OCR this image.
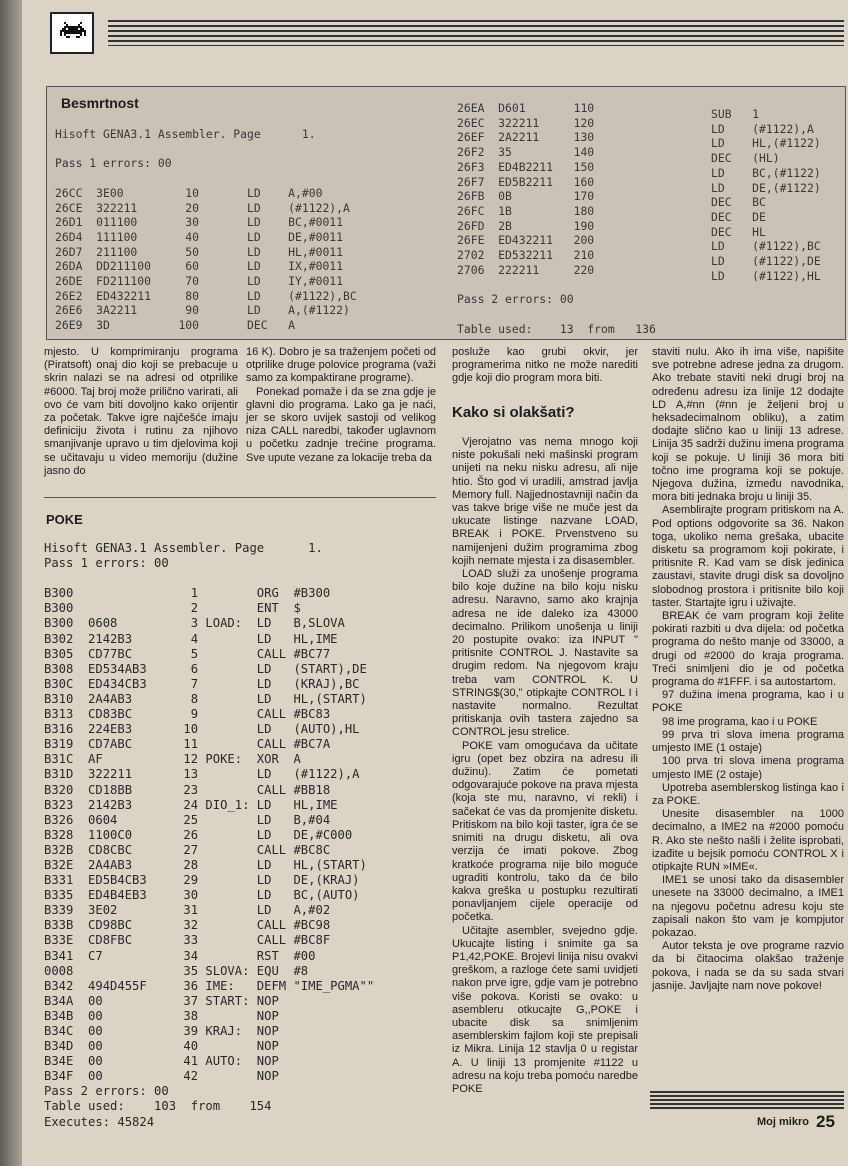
Besmrtnost
Hisoft GENA3.1 Assembler. Page      1.

Pass 1 errors: 00

26CC  3E00         10       LD    A,#00
26CE  322211       20       LD    (#1122),A
26D1  011100       30       LD    BC,#0011
26D4  111100       40       LD    DE,#0011
26D7  211100       50       LD    HL,#0011
26DA  DD211100     60       LD    IX,#0011
26DE  FD211100     70       LD    IY,#0011
26E2  ED432211     80       LD    (#1122),BC
26E6  3A2211       90       LD    A,(#1122)
26E9  3D          100       DEC   A
26EA  D601       110
26EC  322211     120
26EF  2A2211     130
26F2  35         140
26F3  ED4B2211   150
26F7  ED5B2211   160
26FB  0B         170
26FC  1B         180
26FD  2B         190
26FE  ED432211   200
2702  ED532211   210
2706  222211     220

Pass 2 errors: 00

Table used:    13  from   136
SUB   1
LD    (#1122),A
LD    HL,(#1122)
DEC   (HL)
LD    BC,(#1122)
LD    DE,(#1122)
DEC   BC
DEC   DE
DEC   HL
LD    (#1122),BC
LD    (#1122),DE
LD    (#1122),HL

mjesto. U komprimiranju programa (Piratsoft) onaj dio koji se prebacuje u skrin nalazi se na adresi od otprilike #6000. Taj broj može prilično varirati, ali ovo će vam biti dovoljno kako orijentir za početak. Takve igre najčešće imaju definiciju života i rutinu za njihovo smanjivanje upravo u tim djelovima koji se učitavaju u video memoriju (dužine jasno do

16 K). Dobro je sa traženjem početi od otprilike druge polovice programa (važi samo za kompaktirane programe).

Ponekad pomaže i da se zna gdje je glavni dio programa. Lako ga je naći, jer se skoro uvijek sastoji od velikog niza CALL naredbi, također uglavnom u početku zadnje trećine programa. Sve upute vezane za lokacije treba da

POKE
Hisoft GENA3.1 Assembler. Page      1.
Pass 1 errors: 00

B300                1        ORG  #B300
B300                2        ENT  $
B300  0608          3 LOAD:  LD   B,SLOVA
B302  2142B3        4        LD   HL,IME
B305  CD77BC        5        CALL #BC77
B308  ED534AB3      6        LD   (START),DE
B30C  ED434CB3      7        LD   (KRAJ),BC
B310  2A4AB3        8        LD   HL,(START)
B313  CD83BC        9        CALL #BC83
B316  224EB3       10        LD   (AUTO),HL
B319  CD7ABC       11        CALL #BC7A
B31C  AF           12 POKE:  XOR  A
B31D  322211       13        LD   (#1122),A
B320  CD18BB       23        CALL #BB18
B323  2142B3       24 DIO_1: LD   HL,IME
B326  0604         25        LD   B,#04
B328  1100C0       26        LD   DE,#C000
B32B  CD8CBC       27        CALL #BC8C
B32E  2A4AB3       28        LD   HL,(START)
B331  ED5B4CB3     29        LD   DE,(KRAJ)
B335  ED4B4EB3     30        LD   BC,(AUTO)
B339  3E02         31        LD   A,#02
B33B  CD98BC       32        CALL #BC98
B33E  CD8FBC       33        CALL #BC8F
B341  C7           34        RST  #00
0008               35 SLOVA: EQU  #8
B342  494D455F     36 IME:   DEFM "IME_PGMA""
B34A  00           37 START: NOP
B34B  00           38        NOP
B34C  00           39 KRAJ:  NOP
B34D  00           40        NOP
B34E  00           41 AUTO:  NOP
B34F  00           42        NOP
Pass 2 errors: 00
Table used:    103  from    154
Executes: 45824

posluže kao grubi okvir, jer programerima nitko ne može narediti gdje koji dio program mora biti.

Kako si olakšati?

Vjerojatno vas nema mnogo koji niste pokušali neki mašinski program unijeti na neku nisku adresu, ali nije htio. Što god vi uradili, amstrad javlja Memory full. Najjednostavniji način da vas takve brige više ne muče jest da ukucate listinge nazvane LOAD, BREAK i POKE. Prvenstveno su namijenjeni dužim programima zbog kojih nemate mjesta i za disasembler.

LOAD služi za unošenje programa bilo koje dužine na bilo koju nisku adresu. Naravno, samo ako krajnja adresa ne ide daleko iza 43000 decimalno. Prilikom unošenja u liniji 20 postupite ovako: iza INPUT " pritisnite CONTROL J. Nastavite sa drugim redom. Na njegovom kraju treba vam CONTROL K. U STRING$(30," otipkajte CONTROL I i nastavite normalno. Rezultat pritiskanja ovih tastera zajedno sa CONTROL jesu strelice.

POKE vam omogućava da učitate igru (opet bez obzira na adresu ili dužinu). Zatim će pometati odgovarajuće pokove na prava mjesta (koja ste mu, naravno, vi rekli) i sačekat će vas da promjenite disketu. Pritiskom na bilo koji taster, igra će se snimiti na drugu disketu, ali ova verzija će imati pokove. Zbog kratkoće programa nije bilo moguće ugraditi kontrolu, tako da će bilo kakva greška u postupku rezultirati ponavljanjem cijele operacije od početka.

Učitajte asembler, svejedno gdje. Ukucajte listing i snimite ga sa P1,42,POKE. Brojevi linija nisu ovakvi greškom, a razloge ćete sami uvidjeti nakon prve igre, gdje vam je potrebno više pokova. Koristi se ovako: u asembleru otkucajte G,,POKE i ubacite disk sa snimljenim asemblerskim fajlom koji ste prepisali iz Mikra. Linija 12 stavlja 0 u registar A. U liniji 13 promjenite #1122 u adresu na koju treba pomoću naredbe POKE

staviti nulu. Ako ih ima više, napišite sve potrebne adrese jedna za drugom. Ako trebate staviti neki drugi broj na određenu adresu iza linije 12 dodajte LD A,#nn (#nn je željeni broj u heksadecimalnom obliku), a zatim dodajte slično kao u liniji 13 adrese. Linija 35 sadrži dužinu imena programa koji se pokuje. U liniji 36 mora biti točno ime programa koji se pokuje. Njegova dužina, između navodnika, mora biti jednaka broju u liniji 35.

Asemblirajte program pritiskom na A. Pod options odgovorite sa 36. Nakon toga, ukoliko nema grešaka, ubacite disketu sa programom koji pokirate, i pritisnite R. Kad vam se disk jedinica zaustavi, stavite drugi disk sa dovoljno slobodnog prostora i pritisnite bilo koji taster. Startajte igru i uživajte.

BREAK će vam program koji želite pokirati razbiti u dva dijela: od početka programa do nešto manje od 33000, a drugi od #2000 do kraja programa. Treći snimljeni dio je od početka programa do #1FFF. i sa autostartom.

97 dužina imena programa, kao i u POKE

98 ime programa, kao i u POKE

99 prva tri slova imena programa umjesto IME (1 ostaje)

100 prva tri slova imena programa umjesto IME (2 ostaje)

Upotreba asemblerskog listinga kao i za POKE.

Unesite disasembler na 1000 decimalno, a IME2 na #2000 pomoću R. Ako ste nešto našli i želite isprobati, izađite u bejsik pomoću CONTROL X i otipkajte RUN »IME«.

IME1 se unosi tako da disasembler unesete na 33000 decimalno, a IME1 na njegovu početnu adresu koju ste zapisali nakon što vam je kompjutor pokazao.

Autor teksta je ove programe razvio da bi čitaocima olakšao traženje pokova, i nada se da su sada stvari jasnije. Javljajte nam nove pokove!

Moj mikro 25
